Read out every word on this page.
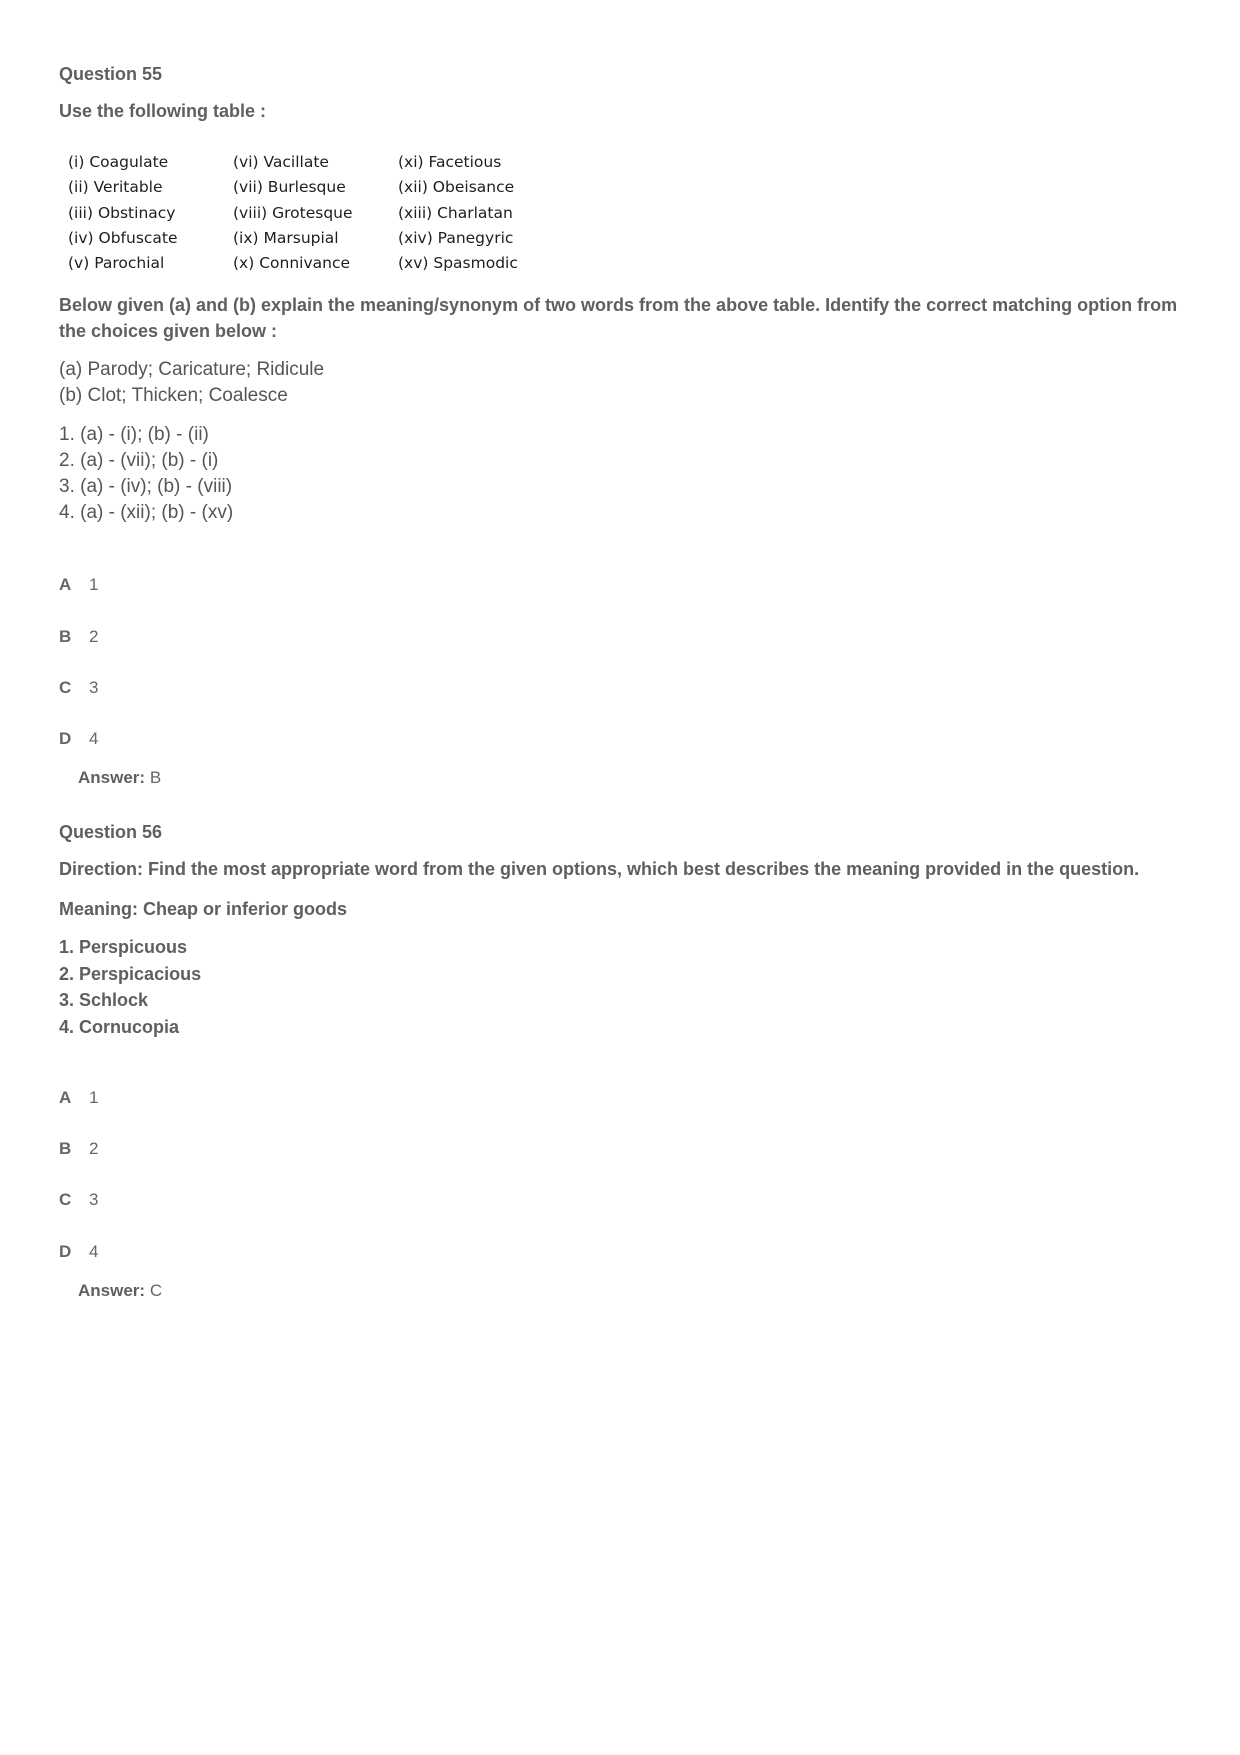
Question 55
Use the following table :
(i) Coagulate
(ii) Veritable
(iii) Obstinacy
(iv) Obfuscate
(v) Parochial
(vi) Vacillate
(vii) Burlesque
(viii) Grotesque
(ix) Marsupial
(x) Connivance
(xi) Facetious
(xii) Obeisance
(xiii) Charlatan
(xiv) Panegyric
(xv) Spasmodic
Below given (a) and (b) explain the meaning/synonym of two words from the above table. Identify the correct matching option from the choices given below :
(a) Parody; Caricature; Ridicule
(b) Clot; Thicken; Coalesce
1. (a) - (i); (b) - (ii)
2. (a) - (vii); (b) - (i)
3. (a) - (iv); (b) - (viii)
4. (a) - (xii); (b) - (xv)
A 1
B 2
C 3
D 4
Answer: B
Question 56
Direction: Find the most appropriate word from the given options, which best describes the meaning provided in the question.
Meaning: Cheap or inferior goods
1. Perspicuous
2. Perspicacious
3. Schlock
4. Cornucopia
A 1
B 2
C 3
D 4
Answer: C
